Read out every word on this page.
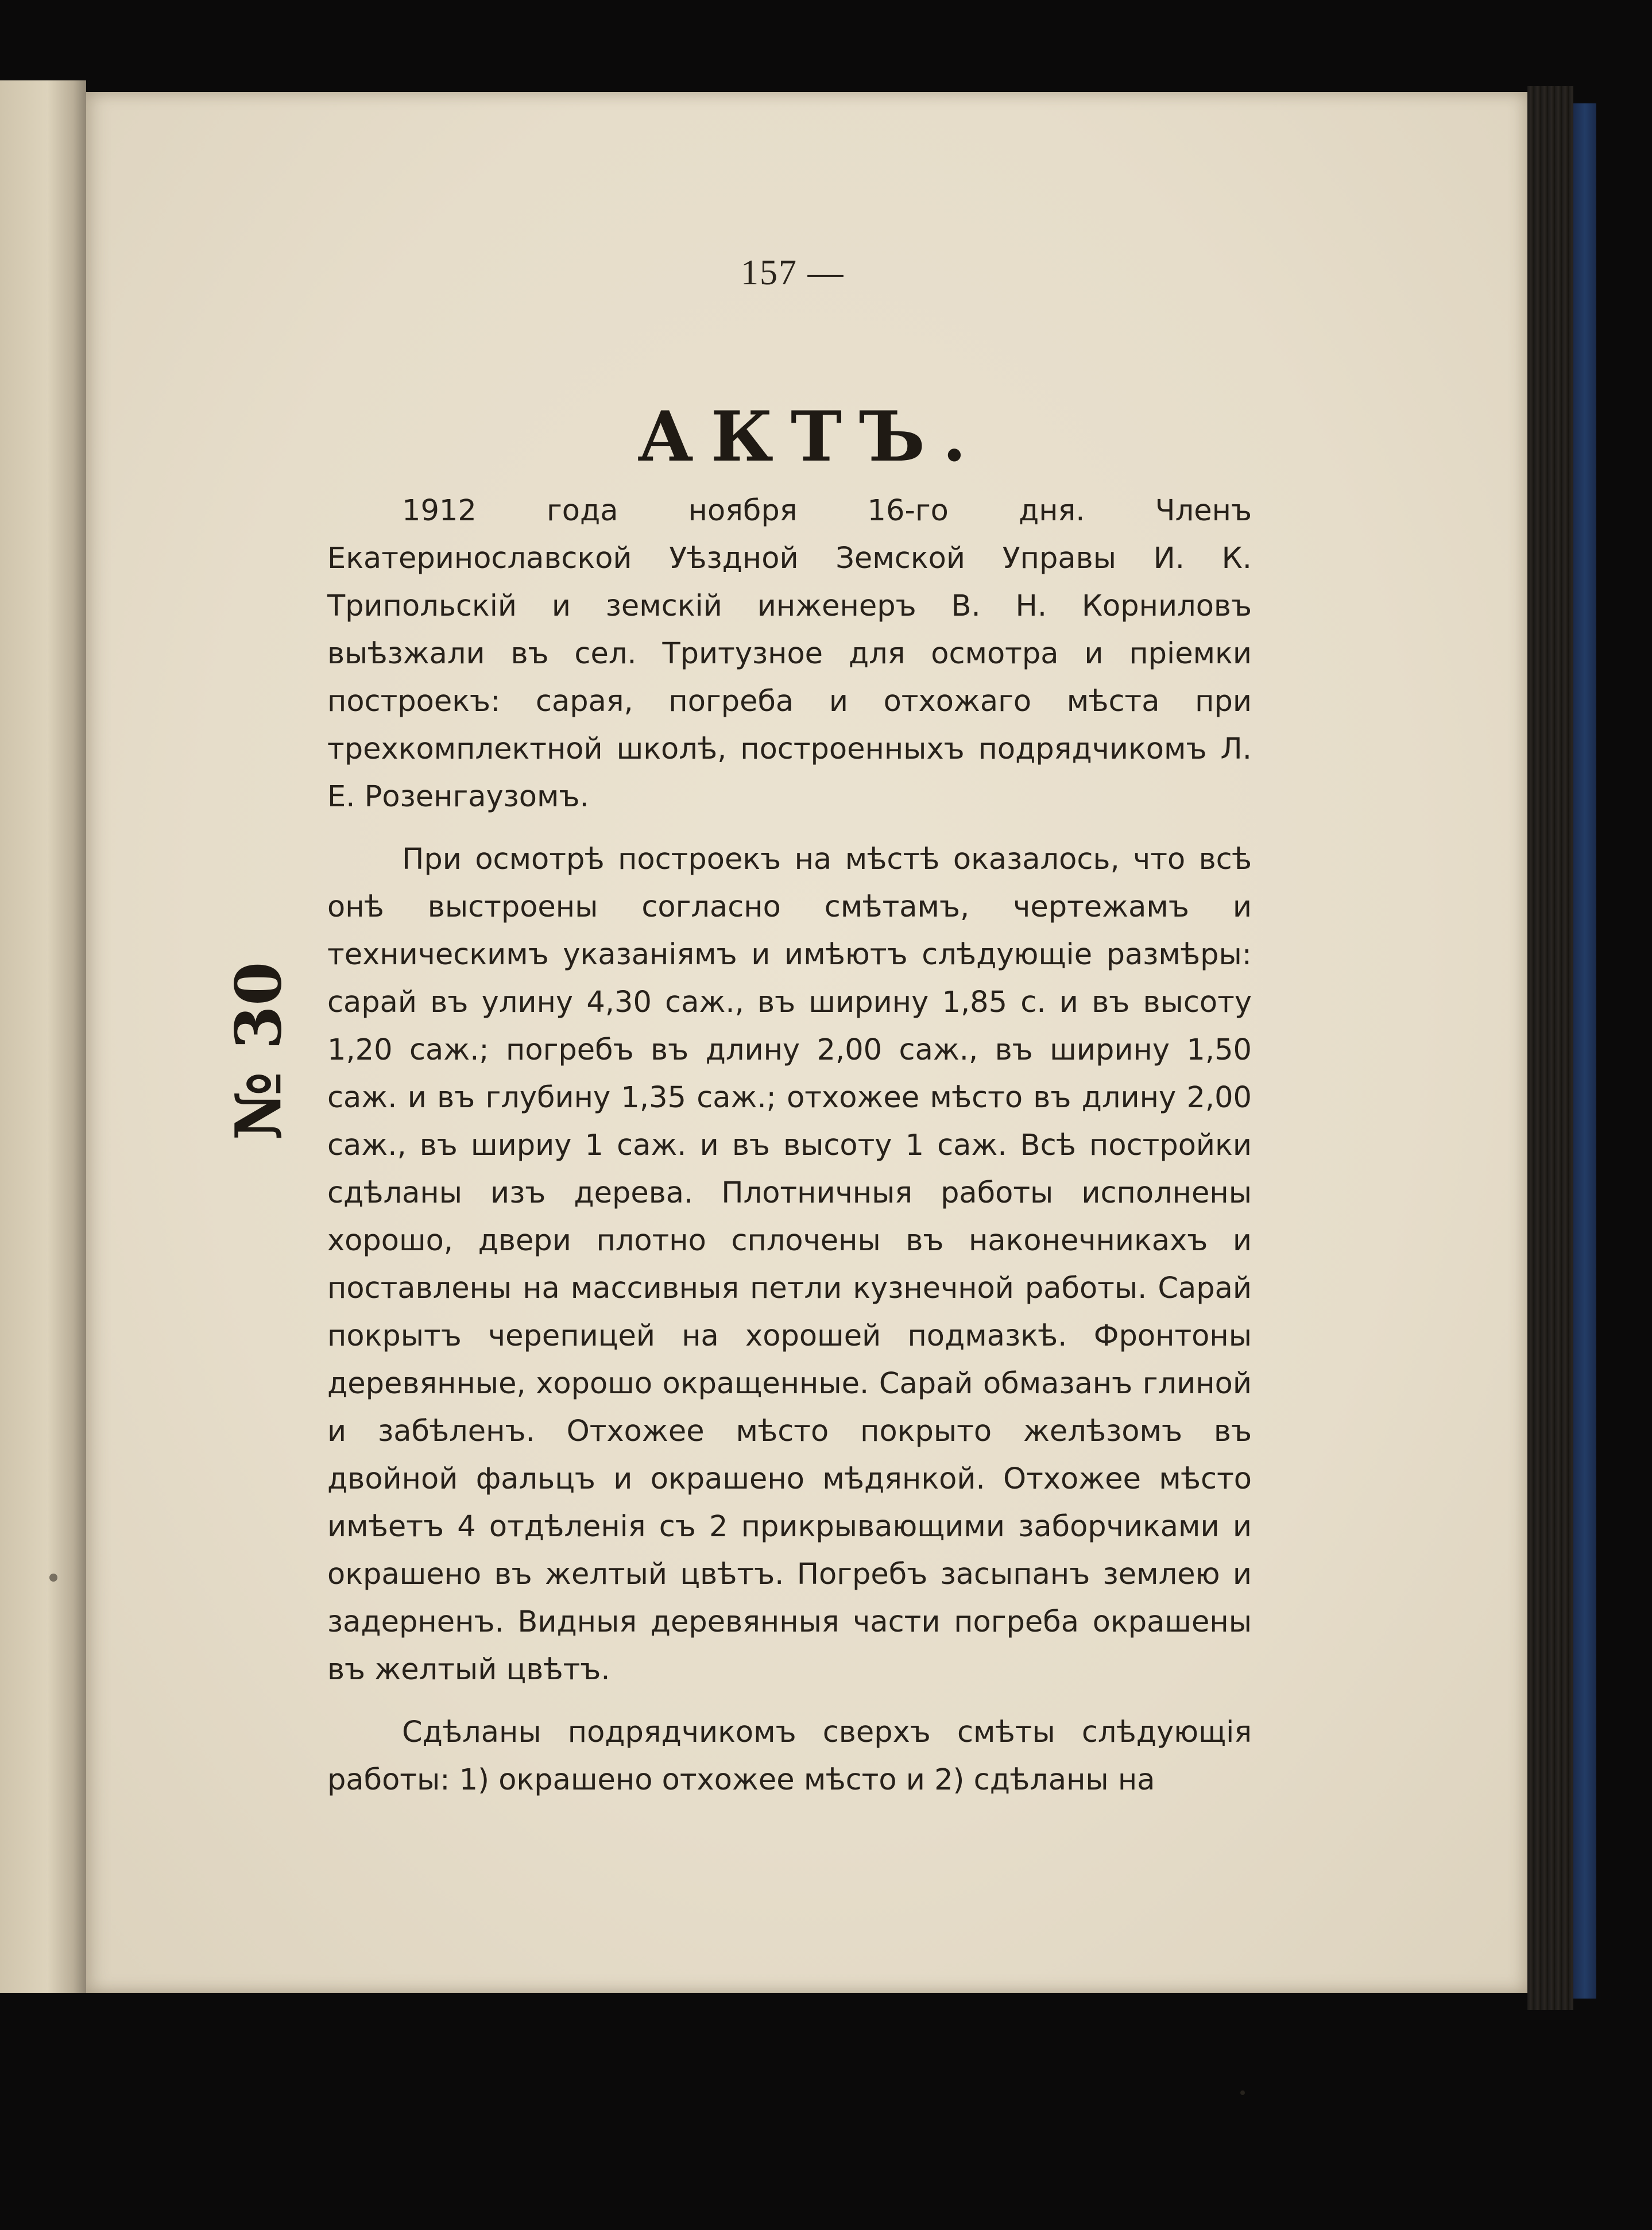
157 —
АКТЪ.
№ 30

1912 года ноября 16-го дня. Членъ Екатеринославской Уѣздной Земской Управы И. К. Трипольскій и земскій инженеръ В. Н. Корниловъ выѣзжали въ сел. Тритузное для осмотра и пріемки построекъ: сарая, погреба и отхожаго мѣста при трехкомплектной школѣ, построенныхъ подрядчикомъ Л. Е. Розенгаузомъ.

При осмотрѣ построекъ на мѣстѣ оказалось, что всѣ онѣ выстроены согласно смѣтамъ, чертежамъ и техническимъ указаніямъ и имѣютъ слѣдующіе размѣры: сарай въ улину 4,30 саж., въ ширину 1,85 с. и въ высоту 1,20 саж.; погребъ въ длину 2,00 саж., въ ширину 1,50 саж. и въ глубину 1,35 саж.; отхожее мѣсто въ длину 2,00 саж., въ шириу 1 саж. и въ высоту 1 саж. Всѣ постройки сдѣланы изъ дерева. Плотничныя работы исполнены хорошо, двери плотно сплочены въ наконечникахъ и поставлены на массивныя петли кузнечной работы. Сарай покрытъ черепицей на хорошей подмазкѣ. Фронтоны деревянные, хорошо окращенные. Сарай обмазанъ глиной и забѣленъ. Отхожее мѣсто покрыто желѣзомъ въ двойной фальцъ и окрашено мѣдянкой. Отхожее мѣсто имѣетъ 4 отдѣленія съ 2 прикрывающими заборчиками и окрашено въ желтый цвѣтъ. Погребъ засыпанъ землею и задерненъ. Видныя деревянныя части погреба окрашены въ желтый цвѣтъ.

Сдѣланы подрядчикомъ сверхъ смѣты слѣдующія работы: 1) окрашено отхожее мѣсто и 2) сдѣланы на
